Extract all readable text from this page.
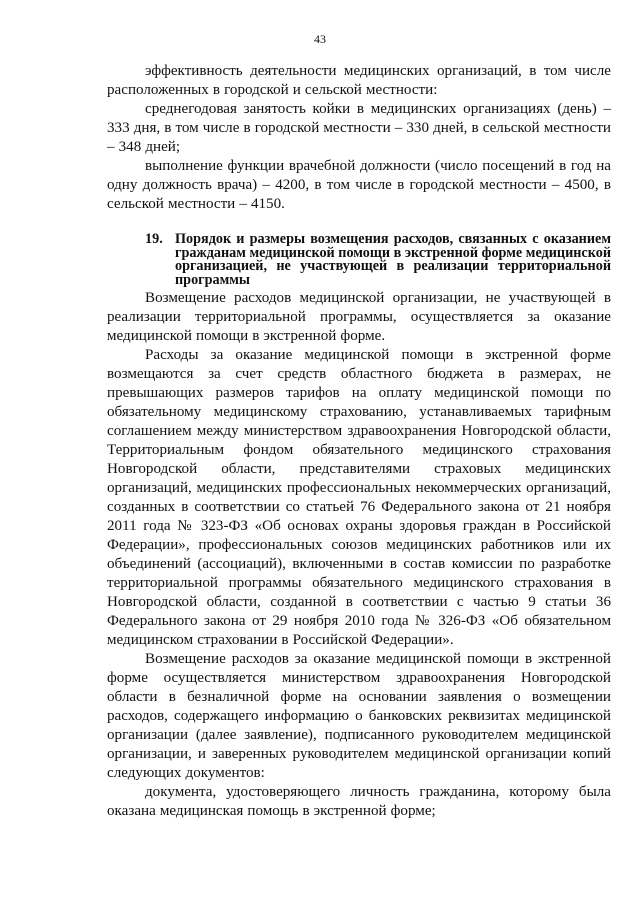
43

эффективность деятельности медицинских организаций, в том числе расположенных в городской и сельской местности:

среднегодовая занятость койки в медицинских организациях (день) – 333 дня, в том числе в городской местности – 330 дней, в сельской местности – 348 дней;

выполнение функции врачебной должности (число посещений в год на одну должность врача) – 4200, в том числе в городской местности – 4500, в сельской местности – 4150.

19. Порядок и размеры возмещения расходов, связанных с оказанием гражданам медицинской помощи в экстренной форме медицинской организацией, не участвующей в реализации территориальной программы

Возмещение расходов медицинской организации, не участвующей в реализации территориальной программы, осуществляется за оказание медицинской помощи в экстренной форме.

Расходы за оказание медицинской помощи в экстренной форме возмещаются за счет средств областного бюджета в размерах, не превышающих размеров тарифов на оплату медицинской помощи по обязательному медицинскому страхованию, устанавливаемых тарифным соглашением между министерством здравоохранения Новгородской области, Территориальным фондом обязательного медицинского страхования Новгородской области, представителями страховых медицинских организаций, медицинских профессиональных некоммерческих организаций, созданных в соответствии со статьей 76 Федерального закона от 21 ноября 2011 года № 323-ФЗ «Об основах охраны здоровья граждан в Российской Федерации», профессиональных союзов медицинских работников или их объединений (ассоциаций), включенными в состав комиссии по разработке территориальной программы обязательного медицинского страхования в Новгородской области, созданной в соответствии с частью 9 статьи 36 Федерального закона от 29 ноября 2010 года № 326-ФЗ «Об обязательном медицинском страховании в Российской Федерации».

Возмещение расходов за оказание медицинской помощи в экстренной форме осуществляется министерством здравоохранения Новгородской области в безналичной форме на основании заявления о возмещении расходов, содержащего информацию о банковских реквизитах медицинской организации (далее заявление), подписанного руководителем медицинской организации, и заверенных руководителем медицинской организации копий следующих документов:

документа, удостоверяющего личность гражданина, которому была оказана медицинская помощь в экстренной форме;
